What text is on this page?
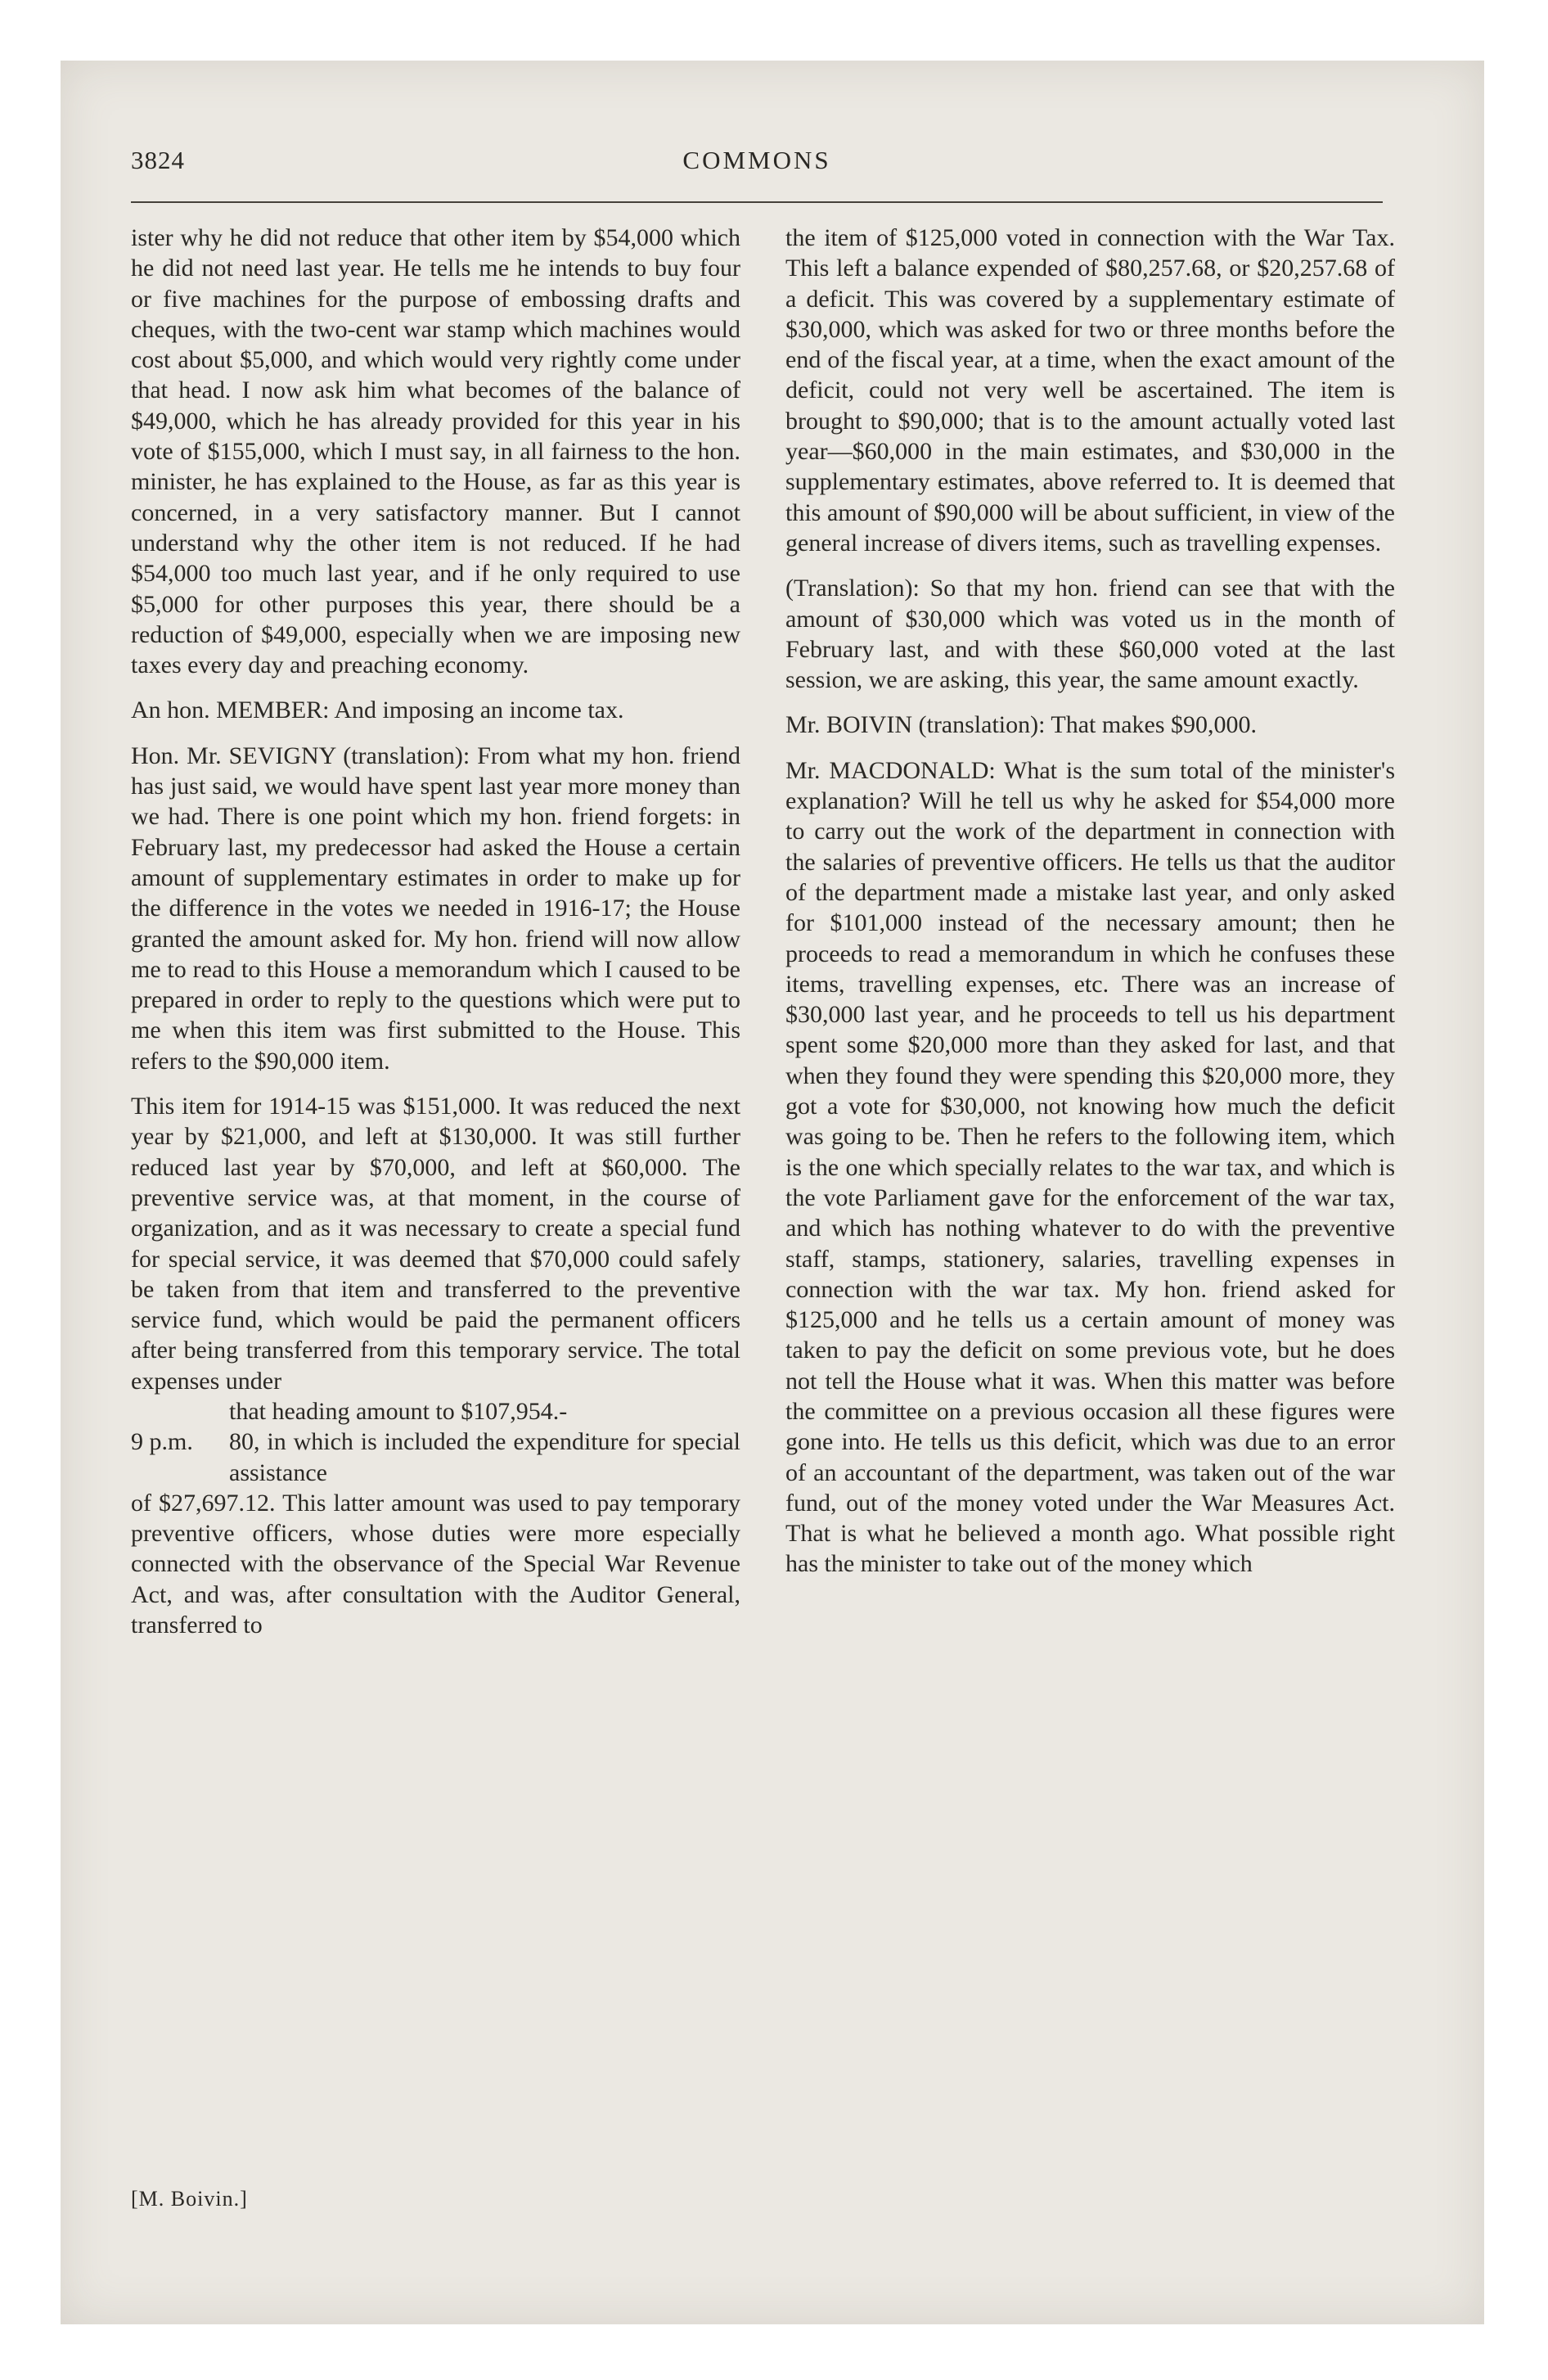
3824	COMMONS

ister why he did not reduce that other item by $54,000 which he did not need last year. He tells me he intends to buy four or five machines for the purpose of embossing drafts and cheques, with the two-cent war stamp which machines would cost about $5,000, and which would very rightly come under that head. I now ask him what becomes of the balance of $49,000, which he has already provided for this year in his vote of $155,000, which I must say, in all fairness to the hon. minister, he has explained to the House, as far as this year is concerned, in a very satisfactory manner. But I cannot understand why the other item is not reduced. If he had $54,000 too much last year, and if he only required to use $5,000 for other purposes this year, there should be a reduction of $49,000, especially when we are imposing new taxes every day and preaching economy.

An hon. MEMBER: And imposing an income tax.

Hon. Mr. SEVIGNY (translation): From what my hon. friend has just said, we would have spent last year more money than we had. There is one point which my hon. friend forgets: in February last, my predecessor had asked the House a certain amount of supplementary estimates in order to make up for the difference in the votes we needed in 1916-17; the House granted the amount asked for. My hon. friend will now allow me to read to this House a memorandum which I caused to be prepared in order to reply to the questions which were put to me when this item was first submitted to the House. This refers to the $90,000 item.

This item for 1914-15 was $151,000. It was reduced the next year by $21,000, and left at $130,000. It was still further reduced last year by $70,000, and left at $60,000. The preventive service was, at that moment, in the course of organization, and as it was necessary to create a special fund for special service, it was deemed that $70,000 could safely be taken from that item and transferred to the preventive service fund, which would be paid the permanent officers after being transferred from this temporary service. The total expenses under

that heading amount to $107,954.-
9 p.m.	80, in which is included the expenditure for special assistance

of $27,697.12. This latter amount was used to pay temporary preventive officers, whose duties were more especially connected with the observance of the Special War Revenue Act, and was, after consultation with the Auditor General, transferred to

the item of $125,000 voted in connection with the War Tax. This left a balance expended of $80,257.68, or $20,257.68 of a deficit. This was covered by a supplementary estimate of $30,000, which was asked for two or three months before the end of the fiscal year, at a time, when the exact amount of the deficit, could not very well be ascertained. The item is brought to $90,000; that is to the amount actually voted last year—$60,000 in the main estimates, and $30,000 in the supplementary estimates, above referred to. It is deemed that this amount of $90,000 will be about sufficient, in view of the general increase of divers items, such as travelling expenses.

(Translation): So that my hon. friend can see that with the amount of $30,000 which was voted us in the month of February last, and with these $60,000 voted at the last session, we are asking, this year, the same amount exactly.

Mr. BOIVIN (translation): That makes $90,000.

Mr. MACDONALD: What is the sum total of the minister's explanation? Will he tell us why he asked for $54,000 more to carry out the work of the department in connection with the salaries of preventive officers. He tells us that the auditor of the department made a mistake last year, and only asked for $101,000 instead of the necessary amount; then he proceeds to read a memorandum in which he confuses these items, travelling expenses, etc. There was an increase of $30,000 last year, and he proceeds to tell us his department spent some $20,000 more than they asked for last, and that when they found they were spending this $20,000 more, they got a vote for $30,000, not knowing how much the deficit was going to be. Then he refers to the following item, which is the one which specially relates to the war tax, and which is the vote Parliament gave for the enforcement of the war tax, and which has nothing whatever to do with the preventive staff, stamps, stationery, salaries, travelling expenses in connection with the war tax. My hon. friend asked for $125,000 and he tells us a certain amount of money was taken to pay the deficit on some previous vote, but he does not tell the House what it was. When this matter was before the committee on a previous occasion all these figures were gone into. He tells us this deficit, which was due to an error of an accountant of the department, was taken out of the war fund, out of the money voted under the War Measures Act. That is what he believed a month ago. What possible right has the minister to take out of the money which

[M. Boivin.]
